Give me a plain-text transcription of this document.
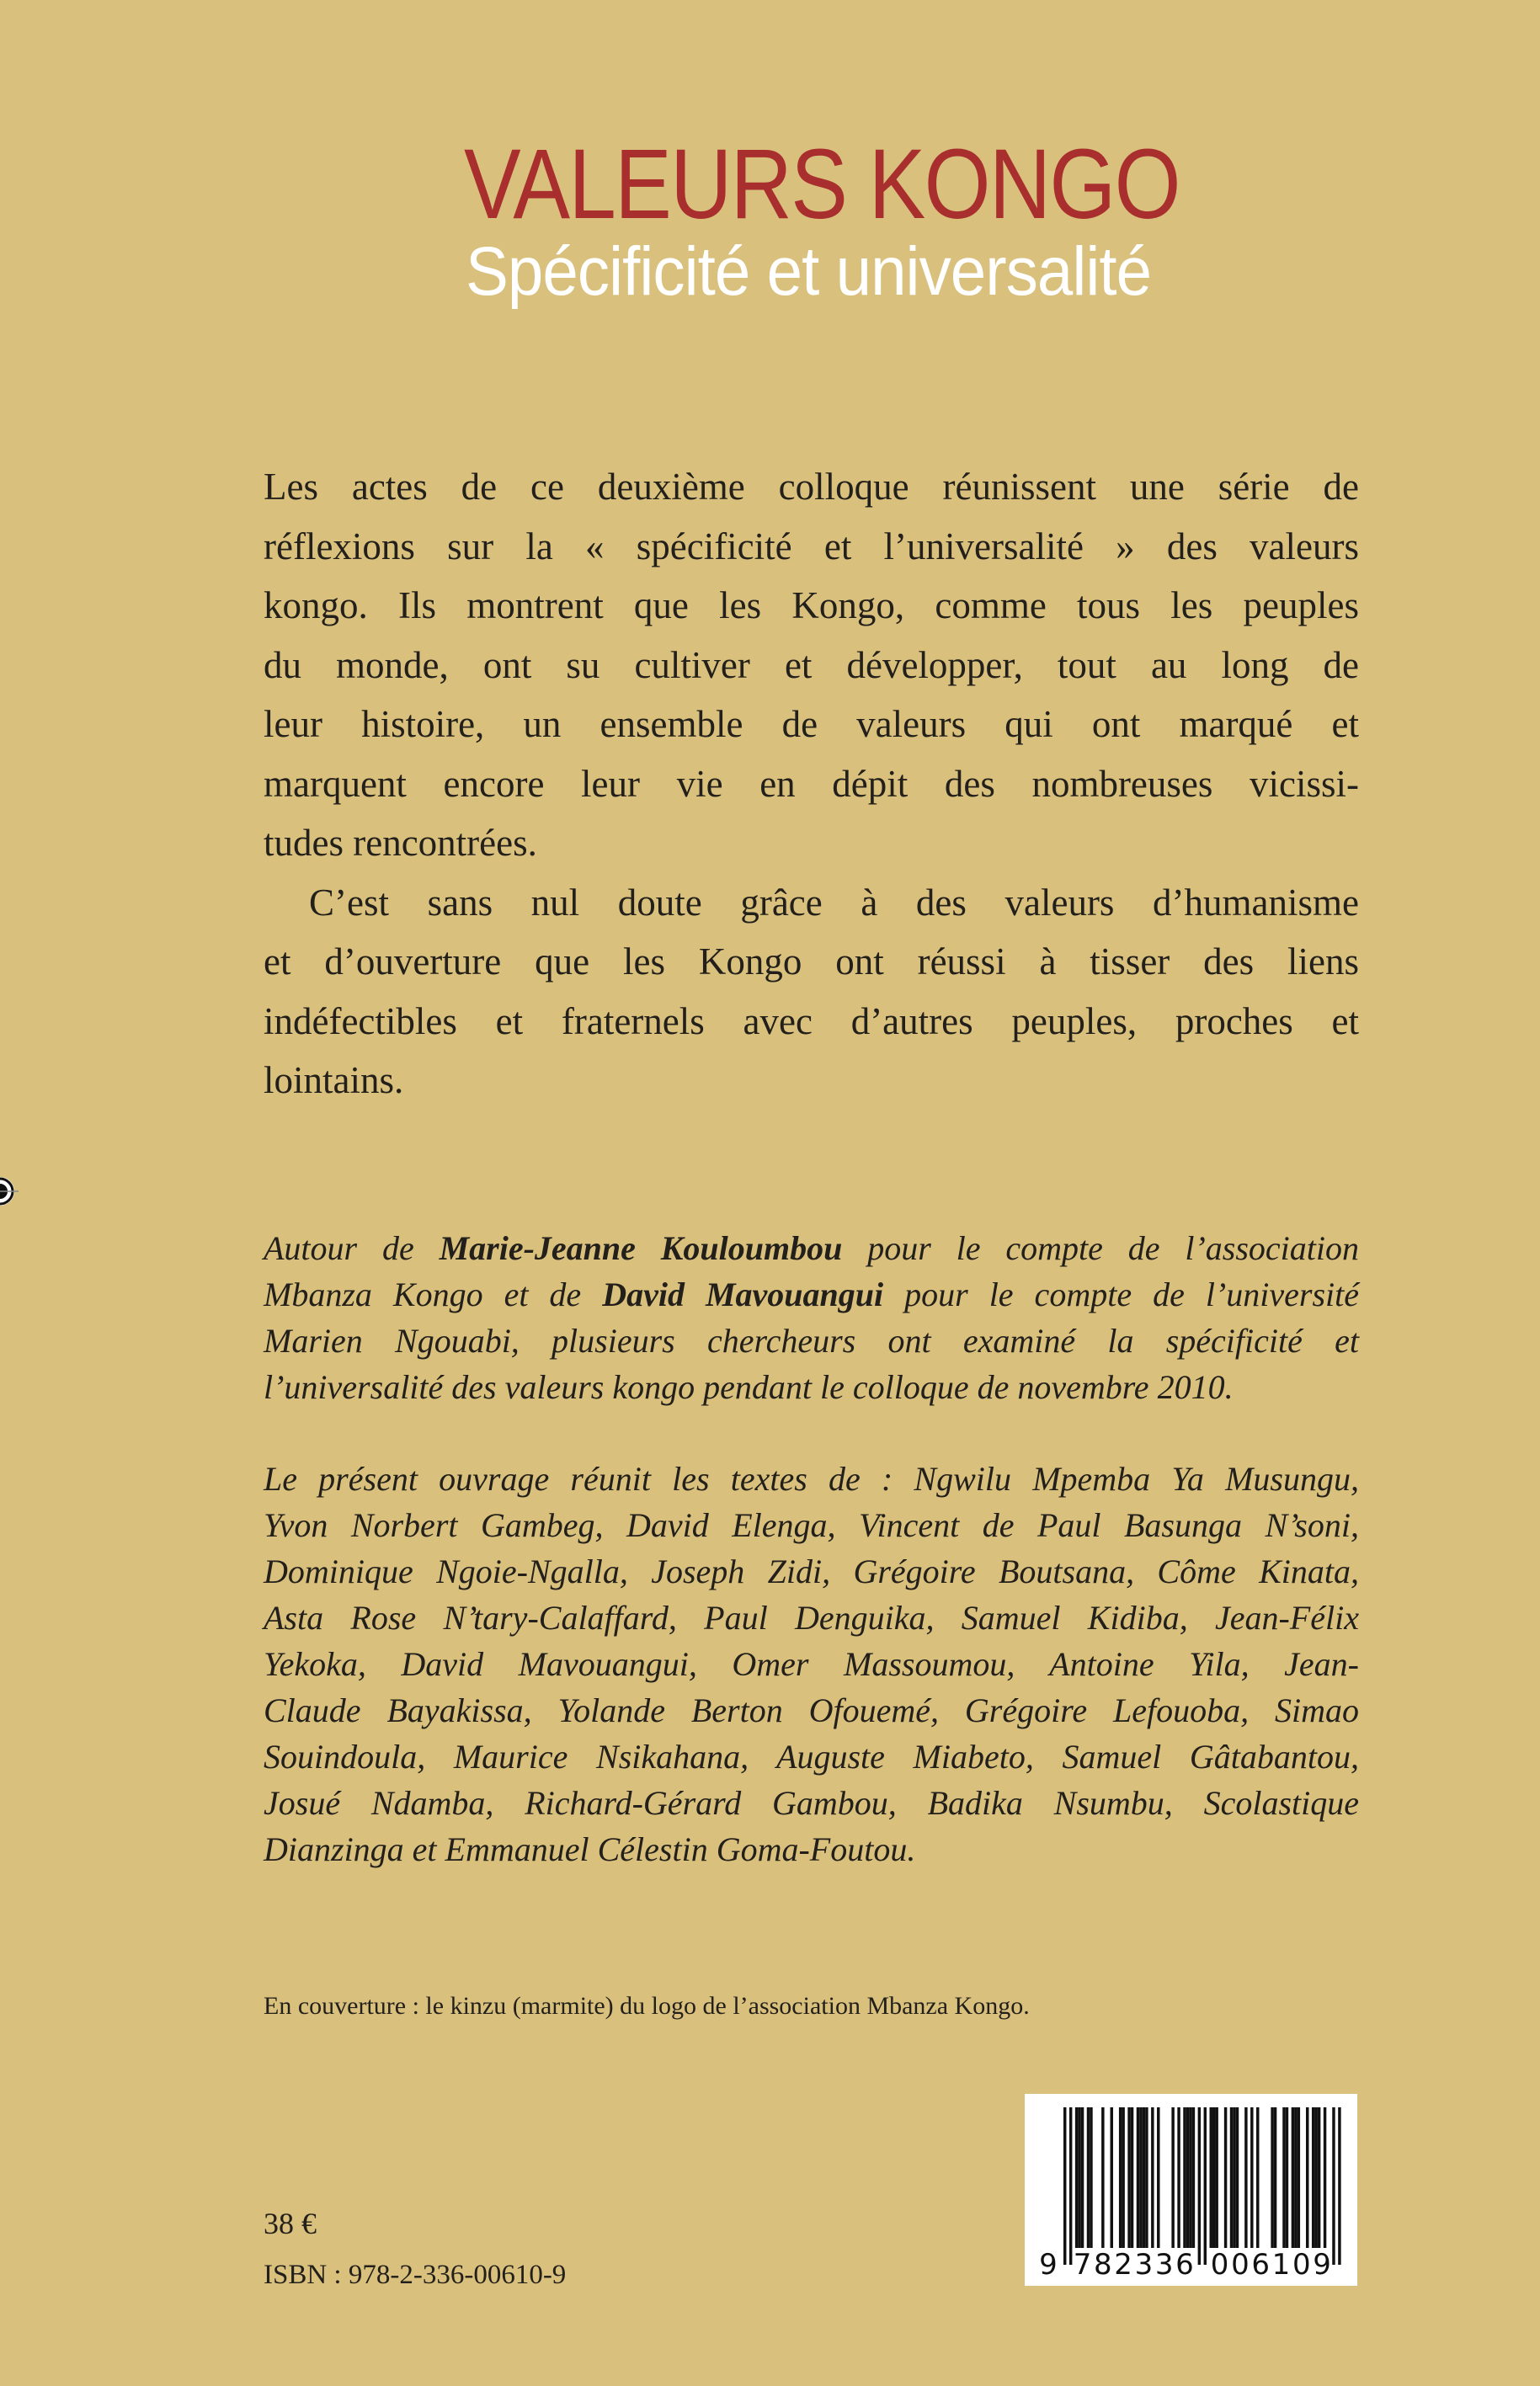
VALEURS KONGO
Spécificité et universalité
Les actes de ce deuxième colloque réunissent une série de
réflexions sur la « spécificité et l’universalité » des valeurs
kongo. Ils montrent que les Kongo, comme tous les peuples
du monde, ont su cultiver et développer, tout au long de
leur histoire, un ensemble de valeurs qui ont marqué et
marquent encore leur vie en dépit des nombreuses vicissi-
tudes rencontrées.
C’est sans nul doute grâce à des valeurs d’humanisme
et d’ouverture que les Kongo ont réussi à tisser des liens
indéfectibles et fraternels avec d’autres peuples, proches et
lointains.
Autour de Marie-Jeanne Kouloumbou pour le compte de l’association
Mbanza Kongo et de David Mavouangui pour le compte de l’université
Marien Ngouabi, plusieurs chercheurs ont examiné la spécificité et
l’universalité des valeurs kongo pendant le colloque de novembre 2010.
Le présent ouvrage réunit les textes de : Ngwilu Mpemba Ya Musungu,
Yvon Norbert Gambeg, David Elenga, Vincent de Paul Basunga N’soni,
Dominique Ngoie-Ngalla, Joseph Zidi, Grégoire Boutsana, Côme Kinata,
Asta Rose N’tary-Calaffard, Paul Denguika, Samuel Kidiba, Jean-Félix
Yekoka, David Mavouangui, Omer Massoumou, Antoine Yila, Jean-
Claude Bayakissa, Yolande Berton Ofouemé, Grégoire Lefouoba, Simao
Souindoula, Maurice Nsikahana, Auguste Miabeto, Samuel Gâtabantou,
Josué Ndamba, Richard-Gérard Gambou, Badika Nsumbu, Scolastique
Dianzinga et Emmanuel Célestin Goma-Foutou.
En couverture : le kinzu (marmite) du logo de l’association Mbanza Kongo.
38 €
ISBN : 978-2-336-00610-9	9 7 8 2 3 3 6 0 0 6 1 0 9
